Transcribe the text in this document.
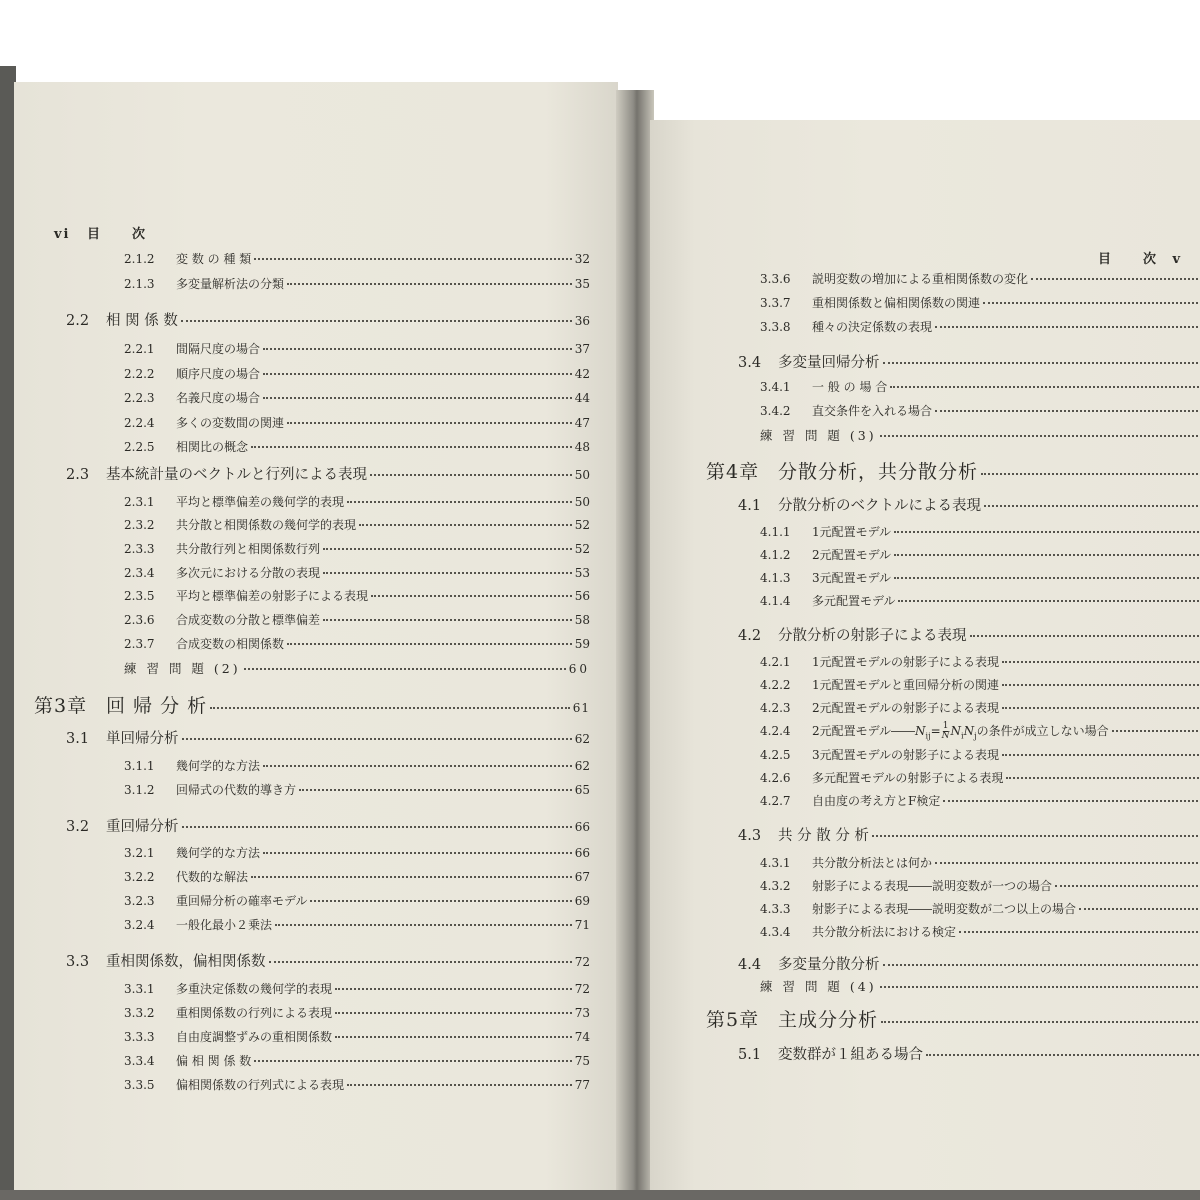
vi 目　　次
2.1.2	変 数 の 種 類	32
2.1.3	多変量解析法の分類	35
2.2	相 関 係 数	36
2.2.1	間隔尺度の場合	37
2.2.2	順序尺度の場合	42
2.2.3	名義尺度の場合	44
2.2.4	多くの変数間の関連	47
2.2.5	相関比の概念	48
2.3	基本統計量のベクトルと行列による表現	50
2.3.1	平均と標準偏差の幾何学的表現	50
2.3.2	共分散と相関係数の幾何学的表現	52
2.3.3	共分散行列と相関係数行列	52
2.3.4	多次元における分散の表現	53
2.3.5	平均と標準偏差の射影子による表現	56
2.3.6	合成変数の分散と標準偏差	58
2.3.7	合成変数の相関係数	59
練 習 問 題 (2)	60
第3章 回 帰 分 析	61
3.1	単回帰分析	62
3.1.1	幾何学的な方法	62
3.1.2	回帰式の代数的導き方	65
3.2	重回帰分析	66
3.2.1	幾何学的な方法	66
3.2.2	代数的な解法	67
3.2.3	重回帰分析の確率モデル	69
3.2.4	一般化最小２乗法	71
3.3	重相関係数，偏相関係数	72
3.3.1	多重決定係数の幾何学的表現	72
3.3.2	重相関係数の行列による表現	73
3.3.3	自由度調整ずみの重相関係数	74
3.3.4	偏 相 関 係 数	75
3.3.5	偏相関係数の行列式による表現	77
目　　次 v
3.3.6	説明変数の増加による重相関係数の変化
3.3.7	重相関係数と偏相関係数の関連
3.3.8	種々の決定係数の表現
3.4	多変量回帰分析
3.4.1	一 般 の 場 合
3.4.2	直交条件を入れる場合
練 習 問 題 (3)
第4章 分散分析，共分散分析
4.1	分散分析のベクトルによる表現
4.1.1	1元配置モデル
4.1.2	2元配置モデル
4.1.3	3元配置モデル
4.1.4	多元配置モデル
4.2	分散分析の射影子による表現
4.2.1	1元配置モデルの射影子による表現
4.2.2	1元配置モデルと重回帰分析の関連
4.2.3	2元配置モデルの射影子による表現
4.2.4	2元配置モデル$――N_{ij}= \frac{1}{N} N_iN_j$の条件が成立しない場合
4.2.5	3元配置モデルの射影子による表現
4.2.6	多元配置モデルの射影子による表現
4.2.7	自由度の考え方とF検定
4.3	共 分 散 分 析
4.3.1	共分散分析法とは何か
4.3.2	射影子による表現――説明変数が一つの場合
4.3.3	射影子による表現――説明変数が二つ以上の場合
4.3.4	共分散分析法における検定
4.4	多変量分散分析
練 習 問 題 (4)
第5章 主成分分析
5.1	変数群が１組ある場合
